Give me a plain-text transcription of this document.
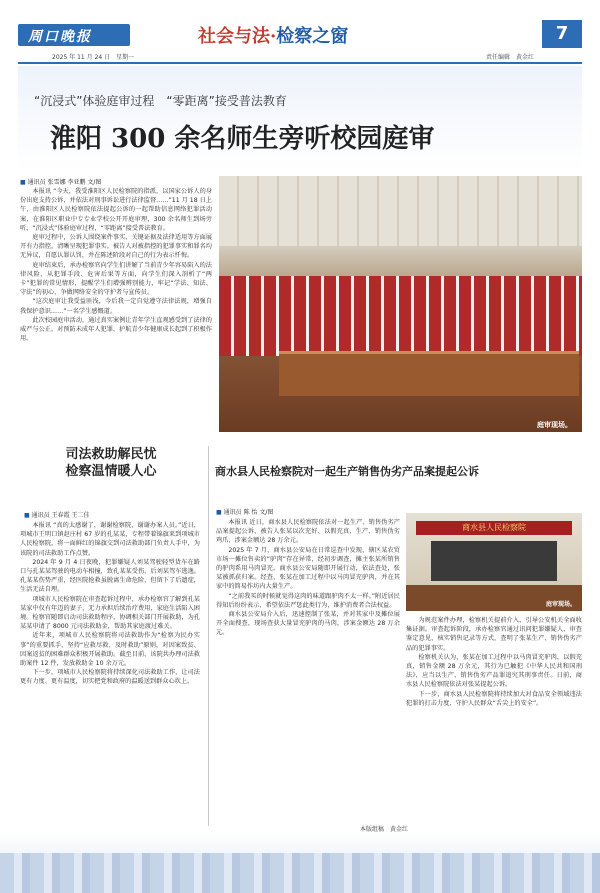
周口晚报	社会与法·检察之窗	7
2025 年 11 月 24 日　星期一	责任编辑　黄金红
“沉浸式”体验庭审过程　“零距离”接受普法教育
淮阳 300 余名师生旁听校园庭审
■ 通讯员 张雪娜 李亚鹏 文/图

本报讯 “今天，我受淮阳区人民检察院的指派，以国家公诉人的身份出庭支持公诉，并依法对刑事诉讼进行法律监督……”11 月 18 日上午，由淮阳区人民检察院依法提起公诉的一起帮助信息网络犯罪活动案，在淮阳区职业中专专业学校公开开庭审理，300 余名师生到场旁听，“沉浸式”体验庭审过程，“零距离”接受普法教育。

庭审过程中，公诉人围绕案件事实、关键证据及法律适用等方面展开有力指控，清晰呈现犯罪事实。被告人对被指控的犯罪事实和罪名均无异议，自愿认罪认罚，并在陈述阶段对自己的行为表示忏悔。

庭审结束后，承办检察官向学生们讲解了当前青少年容易陷入的法律风险，从犯罪手段、危害后果等方面，向学生们深入剖析了“两卡”犯罪的常见情形，提醒学生们增强辨别能力，牢记“学法、知法、守法”的初心，争做网络安全的守护者与宣传员。

“这次庭审让我受益匪浅，今后我一定自觉遵守法律法规，增强自我保护意识……”一名学生感慨道。

此次校园庭审活动，通过真实案例让青年学生直观感受到了法律的威严与公正，对预防未成年人犯罪、护航青少年健康成长起到了积极作用。

庭审现场。
司法救助解民忧
检察温情暖人心
■ 通讯员 王春霞 王二佳

本报讯 “真的太感谢了，谢谢检察院，谢谢办案人员。”近日，项城市王明口镇赵庄村 67 岁的孔某某，专程带着锦旗来到项城市人民检察院，将一面鲜红的锦旗交到司法救助部门负责人手中，为该院的司法救助工作点赞。

2024 年 9 月 4 日夜晚，犯罪嫌疑人刘某驾驶轻型货车在路口与孔某某驾驶的电动车相撞，致孔某某受伤，后刘某驾车逃逸。孔某某伤势严重，经医院抢救虽脱离生命危险，但留下了后遗症，生活无法自理。

项城市人民检察院在审查起诉过程中，承办检察官了解到孔某某家中仅有年迈的妻子，无力承担后续治疗费用，家庭生活陷入困境。检察官随即启动司法救助程序，协调相关部门开展救助，为孔某某申请了 8000 元司法救助金，帮助其家庭渡过难关。

近年来，项城市人民检察院将司法救助作为“检察为民办实事”的重要抓手，坚持“应救尽救、及时救助”原则，对因案致贫、因案返贫的困难群众积极开展救助。截至目前，该院共办理司法救助案件 12 件，发放救助金 10 余万元。

下一步，项城市人民检察院将持续深化司法救助工作，让司法更有力度、更有温度，切实把党和政府的温暖送到群众心坎上。

商水县人民检察院对一起生产销售伪劣产品案提起公诉
■ 通讯员 陈 怡 文/图

本报讯 近日，商水县人民检察院依法对一起生产、销售伪劣产品案提起公诉，被告人张某以次充好、以假充真，生产、销售伪劣鸡爪，涉案金额达 28 万余元。

2025 年 7 月，商水县公安局在日常巡查中发现，辖区某农贸市场一摊位售卖的“驴肉”存在异常，经初步调查，摊主张某所销售的驴肉系用马肉冒充。商水县公安局随即开展行动，依法查处，张某被抓获归案。经查，张某在加工过程中以马肉冒充驴肉，并在其家中的简易作坊内大量生产。

“之前我买的时候就觉得这肉的味道跟驴肉不太一样。”附近居民得知后纷纷表示，希望依法严惩此类行为，维护消费者合法权益。

商水县公安局介入后，迅速控制了张某，并对其家中及摊位展开全面搜查，现场查获大量冒充驴肉的马肉，涉案金额达 28 万余元。

商水县人民检察院
庭审现场。

为规范案件办理，检察机关提前介入，引导公安机关全面收集证据。审查起诉阶段，承办检察官通过讯问犯罪嫌疑人、审查鉴定意见、核实销售记录等方式，查明了张某生产、销售伪劣产品的犯罪事实。

检察机关认为，张某在加工过程中以马肉冒充驴肉，以假充真，销售金额 28 万余元，其行为已触犯《中华人民共和国刑法》，应当以生产、销售伪劣产品罪追究其刑事责任。日前，商水县人民检察院依法对张某提起公诉。

下一步，商水县人民检察院将持续加大对食品安全领域违法犯罪的打击力度，守护人民群众“舌尖上的安全”。

本版组稿　黄金红
